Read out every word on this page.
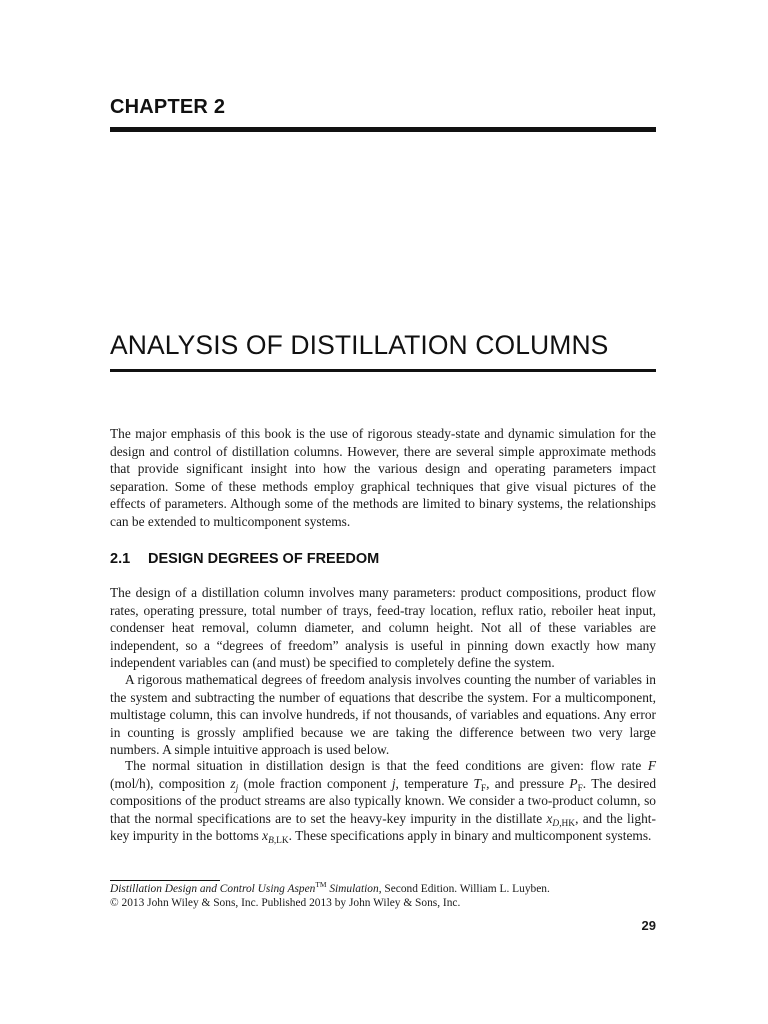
CHAPTER 2
ANALYSIS OF DISTILLATION COLUMNS

The major emphasis of this book is the use of rigorous steady-state and dynamic simulation for the design and control of distillation columns. However, there are several simple approximate methods that provide significant insight into how the various design and operating parameters impact separation. Some of these methods employ graphical techniques that give visual pictures of the effects of parameters. Although some of the methods are limited to binary systems, the relationships can be extended to multicomponent systems.

2.1 DESIGN DEGREES OF FREEDOM

The design of a distillation column involves many parameters: product compositions, product flow rates, operating pressure, total number of trays, feed-tray location, reflux ratio, reboiler heat input, condenser heat removal, column diameter, and column height. Not all of these variables are independent, so a “degrees of freedom” analysis is useful in pinning down exactly how many independent variables can (and must) be specified to completely define the system.

A rigorous mathematical degrees of freedom analysis involves counting the number of variables in the system and subtracting the number of equations that describe the system. For a multicomponent, multistage column, this can involve hundreds, if not thousands, of variables and equations. Any error in counting is grossly amplified because we are taking the difference between two very large numbers. A simple intuitive approach is used below.

The normal situation in distillation design is that the feed conditions are given: flow rate F (mol/h), composition $z_j$ (mole fraction component j, temperature $T_F$, and pressure $P_F$. The desired compositions of the product streams are also typically known. We consider a two-product column, so that the normal specifications are to set the heavy-key impurity in the distillate $x_{D,HK}$, and the light-key impurity in the bottoms $x_{B,LK}$. These specifications apply in binary and multicomponent systems.

Distillation Design and Control Using Aspen™ Simulation, Second Edition. William L. Luyben.
© 2013 John Wiley & Sons, Inc. Published 2013 by John Wiley & Sons, Inc.
29
